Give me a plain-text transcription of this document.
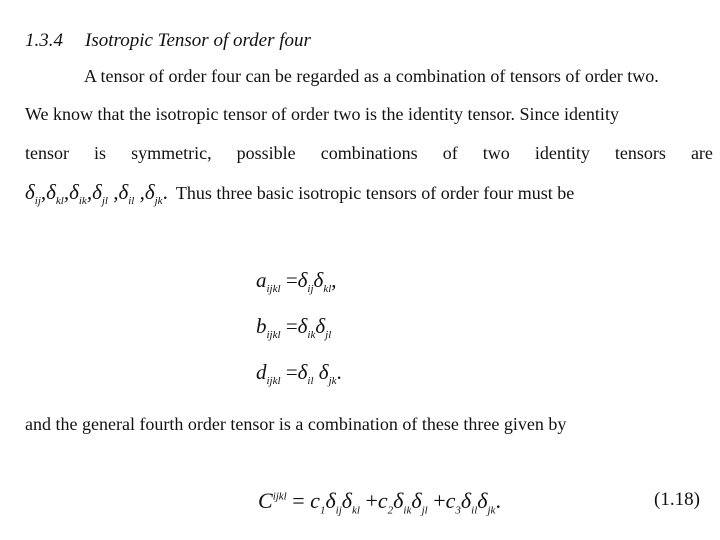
1.3.4 Isotropic Tensor of order four
A tensor of order four can be regarded as a combination of tensors of order two.
We know that the isotropic tensor of order two is the identity tensor. Since identity
tensor is symmetric, possible combinations of two identity tensors are
$\delta_{ij},\delta_{kl},\delta_{ik},\delta_{jl}$ $,\delta_{il}$ $,\delta_{jk}$. Thus three basic isotropic tensors of order four must be
$a_{ijkl} =\delta_{ij}\delta_{kl}$,
$b_{ijkl} =\delta_{ik}\delta_{jl}$
$d_{ijkl} =\delta_{il}$ $\delta_{jk}$.
and the general fourth order tensor is a combination of these three given by
$C^{ijkl} = c_1\delta_{ij}\delta_{kl} +c_2\delta_{ik}\delta_{jl} +c_3\delta_{il}\delta_{jk}$.	(1.18)
